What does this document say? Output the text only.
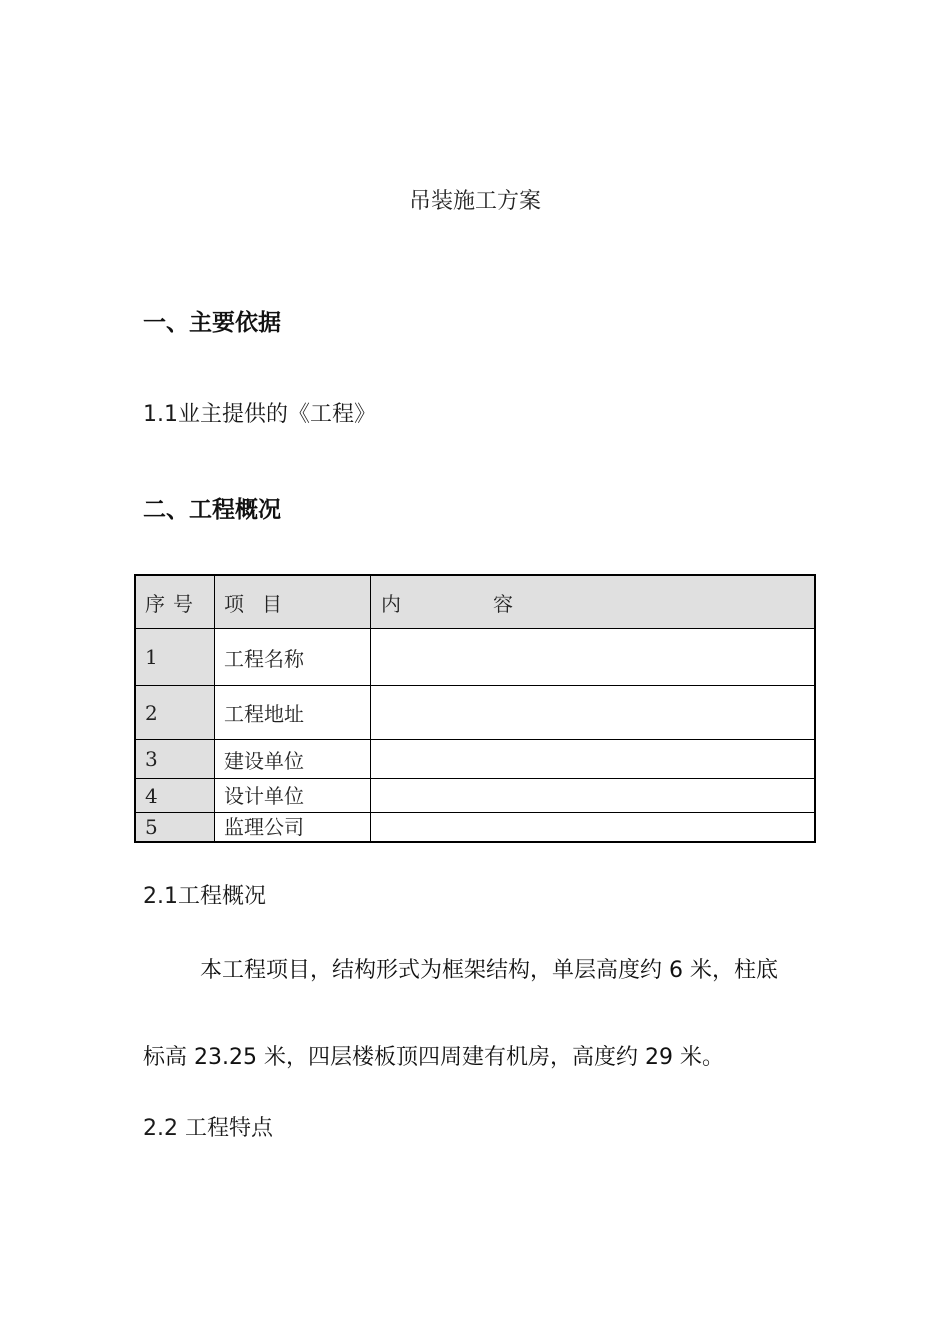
吊装施工方案
一、主要依据
1.1业主提供的《工程》
二、工程概况
序号	项目	内容
1	工程名称	
2	工程地址	
3	建设单位	
4	设计单位	
5	监理公司	
2.1工程概况
本工程项目，结构形式为框架结构，单层高度约 6 米，柱底
标高 23.25 米，四层楼板顶四周建有机房，高度约 29 米。
2.2 工程特点
